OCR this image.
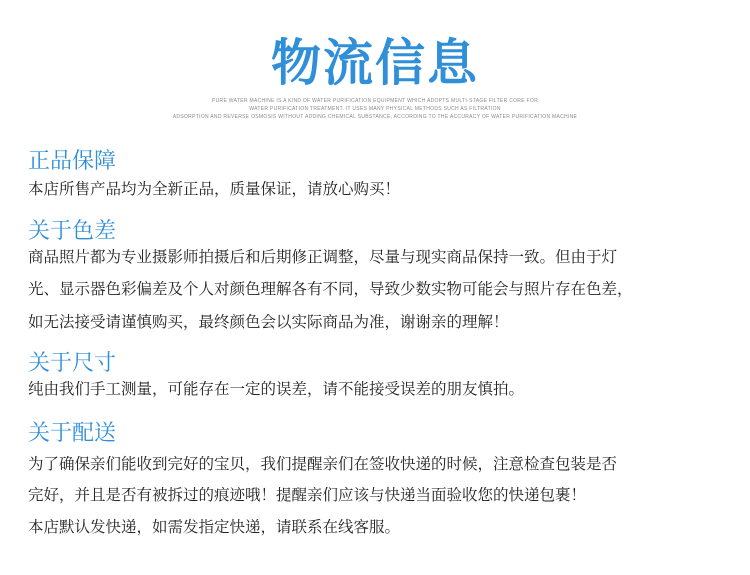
物流信息
PURE WATER MACHINE IS A KIND OF WATER PURIFICATION EQUIPMENT WHICH ADOPTS MULTI-STAGE FILTER CORE FOR
WATER PURIFICATION TREATMENT. IT USES MANY PHYSICAL METHODS SUCH AS FILTRATION
ADSORPTION AND REVERSE OSMOSIS WITHOUT ADDING CHEMICAL SUBSTANCE, ACCORDING TO THE ACCURACY OF WATER PURIFICATION MACHINE
正品保障
本店所售产品均为全新正品，质量保证，请放心购买！
关于色差
商品照片都为专业摄影师拍摄后和后期修正调整，尽量与现实商品保持一致。但由于灯
光、显示器色彩偏差及个人对颜色理解各有不同，导致少数实物可能会与照片存在色差，
如无法接受请谨慎购买，最终颜色会以实际商品为准，谢谢亲的理解！
关于尺寸
纯由我们手工测量，可能存在一定的误差，请不能接受误差的朋友慎拍。
关于配送
为了确保亲们能收到完好的宝贝，我们提醒亲们在签收快递的时候，注意检查包装是否
完好，并且是否有被拆过的痕迹哦！提醒亲们应该与快递当面验收您的快递包裹！
本店默认发快递，如需发指定快递，请联系在线客服。
